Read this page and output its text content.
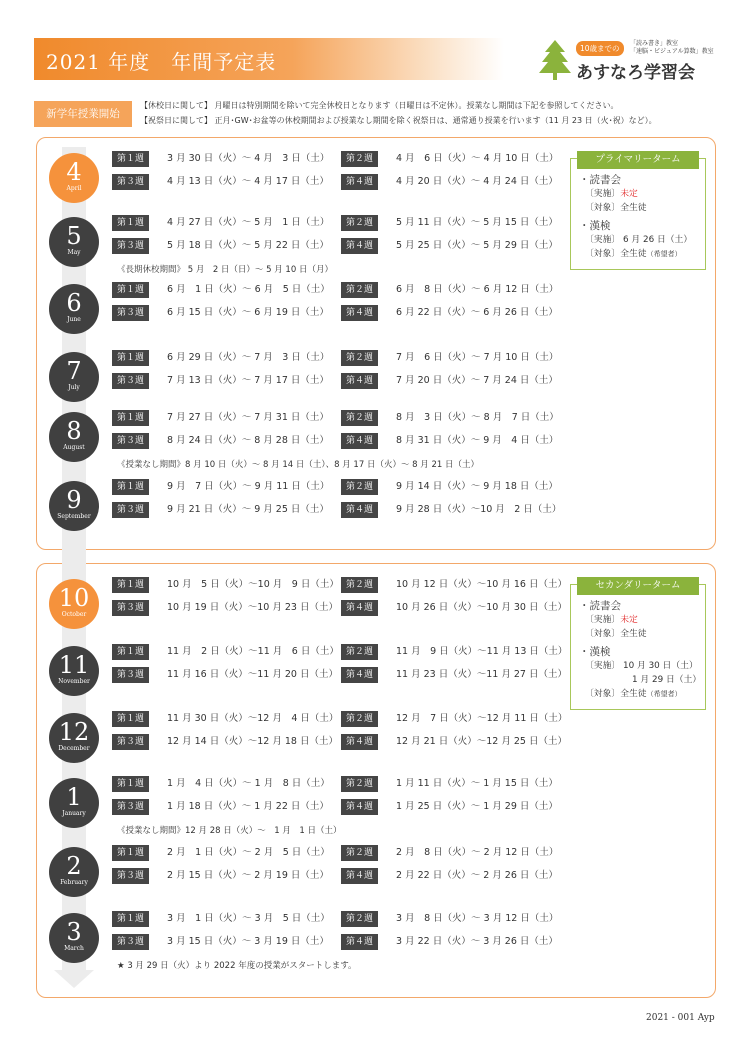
2021 年度　年間予定表
10歳までの
「読み書き」教室
「速脳・ビジュアル算数」教室
あすなろ学習会
新学年授業開始
【休校日に関して】 月曜日は特別期間を除いて完全休校日となります（日曜日は不定休）。授業なし期間は下記を参照してください。
【祝祭日に関して】 正月･GW･お盆等の休校期間および授業なし期間を除く祝祭日は、通常通り授業を行います（11 月 23 日（火･祝）など）。
4
April
第１週	3 月 30 日（火）～ 4 月　3 日（土）	第２週	4 月　6 日（火）～ 4 月 10 日（土）
第３週	4 月 13 日（火）～ 4 月 17 日（土）	第４週	4 月 20 日（火）～ 4 月 24 日（土）
5
May
第１週	4 月 27 日（火）～ 5 月　1 日（土）	第２週	5 月 11 日（火）～ 5 月 15 日（土）
第３週	5 月 18 日（火）～ 5 月 22 日（土）	第４週	5 月 25 日（火）～ 5 月 29 日（土）
《長期休校期間》 5 月　2 日（日）～ 5 月 10 日（月）
6
June
第１週	6 月　1 日（火）～ 6 月　5 日（土）	第２週	6 月　8 日（火）～ 6 月 12 日（土）
第３週	6 月 15 日（火）～ 6 月 19 日（土）	第４週	6 月 22 日（火）～ 6 月 26 日（土）
7
July
第１週	6 月 29 日（火）～ 7 月　3 日（土）	第２週	7 月　6 日（火）～ 7 月 10 日（土）
第３週	7 月 13 日（火）～ 7 月 17 日（土）	第４週	7 月 20 日（火）～ 7 月 24 日（土）
8
August
第１週	7 月 27 日（火）～ 7 月 31 日（土）	第２週	8 月　3 日（火）～ 8 月　7 日（土）
第３週	8 月 24 日（火）～ 8 月 28 日（土）	第４週	8 月 31 日（火）～ 9 月　4 日（土）
《授業なし期間》8 月 10 日（火）～ 8 月 14 日（土）、8 月 17 日（火）～ 8 月 21 日（土）
9
September
第１週	9 月　7 日（火）～ 9 月 11 日（土）	第２週	9 月 14 日（火）～ 9 月 18 日（土）
第３週	9 月 21 日（火）～ 9 月 25 日（土）	第４週	9 月 28 日（火）～10 月　2 日（土）
10
October
第１週	10 月　5 日（火）～10 月　9 日（土） 第２週	10 月 12 日（火）～10 月 16 日（土）
第３週	10 月 19 日（火）～10 月 23 日（土） 第４週	10 月 26 日（火）～10 月 30 日（土）
11
November
第１週	11 月　2 日（火）～11 月　6 日（土） 第２週	11 月　9 日（火）～11 月 13 日（土）
第３週	11 月 16 日（火）～11 月 20 日（土） 第４週	11 月 23 日（火）～11 月 27 日（土）
12
December
第１週	11 月 30 日（火）～12 月　4 日（土） 第２週	12 月　7 日（火）～12 月 11 日（土）
第３週	12 月 14 日（火）～12 月 18 日（土） 第４週	12 月 21 日（火）～12 月 25 日（土）
1
January
第１週	1 月　4 日（火）～ 1 月　8 日（土）	第２週	1 月 11 日（火）～ 1 月 15 日（土）
第３週	1 月 18 日（火）～ 1 月 22 日（土）	第４週	1 月 25 日（火）～ 1 月 29 日（土）
《授業なし期間》12 月 28 日（火）～　1 月　1 日（土）
2
February
第１週	2 月　1 日（火）～ 2 月　5 日（土）	第２週	2 月　8 日（火）～ 2 月 12 日（土）
第３週	2 月 15 日（火）～ 2 月 19 日（土）	第４週	2 月 22 日（火）～ 2 月 26 日（土）
3
March
第１週	3 月　1 日（火）～ 3 月　5 日（土）	第２週	3 月　8 日（火）～ 3 月 12 日（土）
第３週	3 月 15 日（火）～ 3 月 19 日（土）	第４週	3 月 22 日（火）～ 3 月 26 日（土）
★ 3 月 29 日（火）より 2022 年度の授業がスタートします。
プライマリーターム
・読書会
〔実施〕未定
〔対象〕全生徒
・漢検
〔実施〕 6 月 26 日（土）
〔対象〕全生徒（希望者）
セカンダリーターム
・読書会
〔実施〕未定
〔対象〕全生徒
・漢検
〔実施〕 10 月 30 日（土）
1 月 29 日（土）
〔対象〕全生徒（希望者）
2021 - 001 Ayp
